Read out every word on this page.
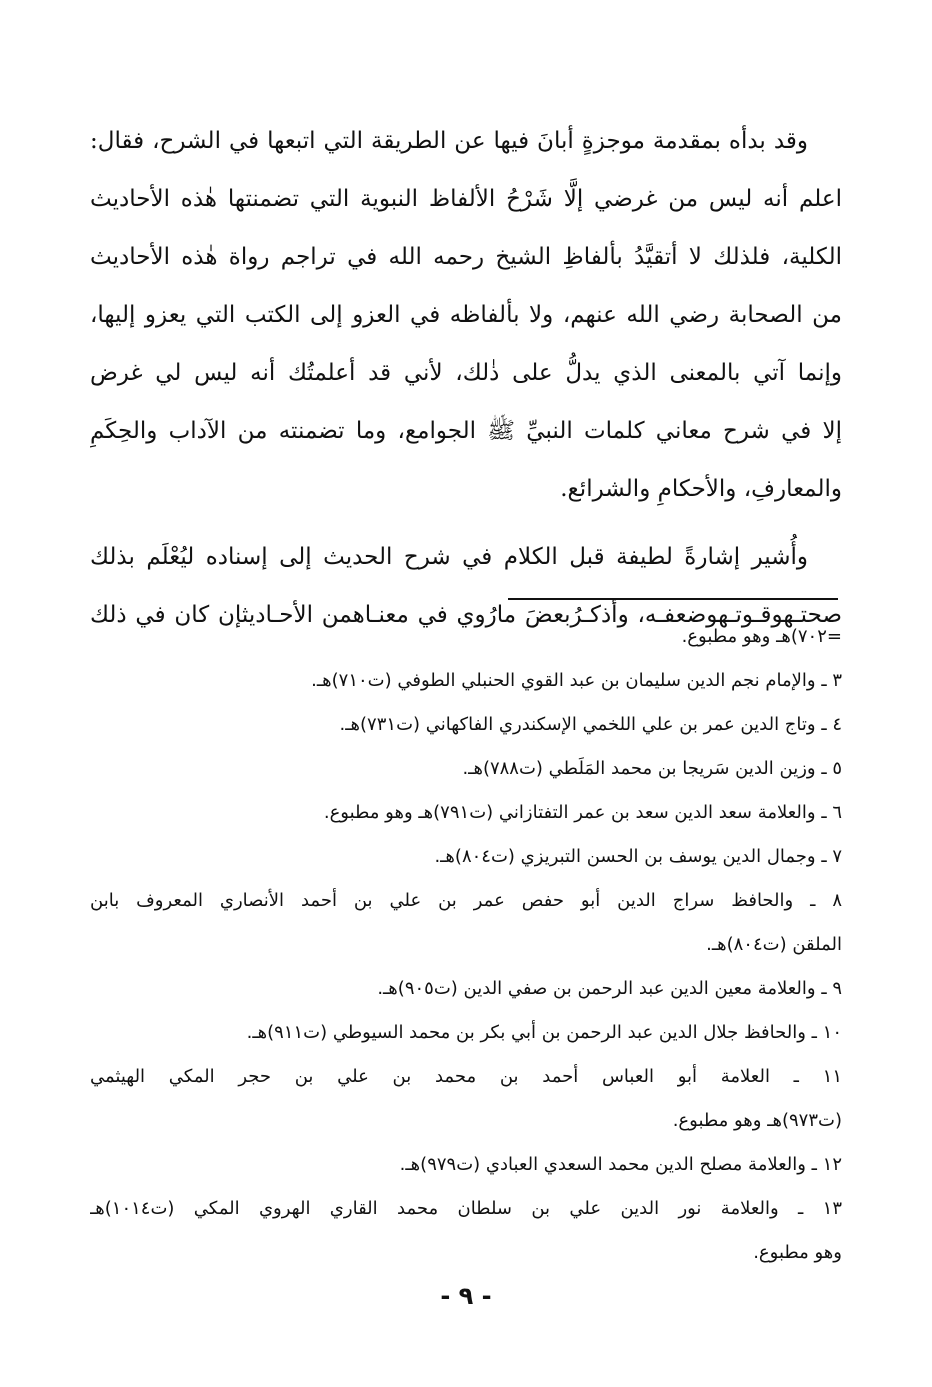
وقد بدأه بمقدمة موجزةٍ أبانَ فيها عن الطريقة التي اتبعها في الشرح، فقال:
اعلم أنه ليس من غرضي إلَّا شَرْحُ الألفاظ النبوية التي تضمنتها هٰذه الأحاديث
الكلية، فلذلك لا أتقيَّدُ بألفاظِ الشيخ رحمه الله في تراجم رواة هٰذه الأحاديث
من الصحابة رضي الله عنهم، ولا بألفاظه في العزو إلى الكتب التي يعزو إليها،
وإنما آتي بالمعنى الذي يدلُّ على ذٰلك، لأني قد أعلمتُك أنه ليس لي غرض
إلا في شرح معاني كلمات النبيِّ ﷺ الجوامع، وما تضمنته من الآداب والحِكَمِ
والمعارفِ، والأحكامِ والشرائع.

وأُشير إشارةً لطيفة قبل الكلام في شرح الحديث إلى إسناده ليُعْلَم بذلك
صحتـهوقـوتـهوضعفـه، وأذكـرُبعضَ مارُوي في معنـاهمن الأحـاديثإن كان في ذلك

=٧٠٢)هـ وهو مطبوع.
٣ ـ والإمام نجم الدين سليمان بن عبد القوي الحنبلي الطوفي (ت٧١٠)هـ.
٤ ـ وتاج الدين عمر بن علي اللخمي الإسكندري الفاكهاني (ت٧٣١)هـ.
٥ ـ وزين الدين سَريجا بن محمد المَلَطي (ت٧٨٨)هـ.
٦ ـ والعلامة سعد الدين سعد بن عمر التفتازاني (ت٧٩١)هـ وهو مطبوع.
٧ ـ وجمال الدين يوسف بن الحسن التبريزي (ت٨٠٤)هـ.
٨ ـ والحافظ سراج الدين أبو حفص عمر بن علي بن أحمد الأنصاري المعروف بابن
الملقن (ت٨٠٤)هـ.
٩ ـ والعلامة معين الدين عبد الرحمن بن صفي الدين (ت٩٠٥)هـ.
١٠ ـ والحافظ جلال الدين عبد الرحمن بن أبي بكر بن محمد السيوطي (ت٩١١)هـ.
١١ ـ العلامة أبو العباس أحمد بن محمد بن علي بن حجر المكي الهيثمي
(ت٩٧٣)هـ وهو مطبوع.
١٢ ـ والعلامة مصلح الدين محمد السعدي العبادي (ت٩٧٩)هـ.
١٣ ـ والعلامة نور الدين علي بن سلطان محمد القاري الهروي المكي (ت١٠١٤)هـ
وهو مطبوع.
- ٩ -
